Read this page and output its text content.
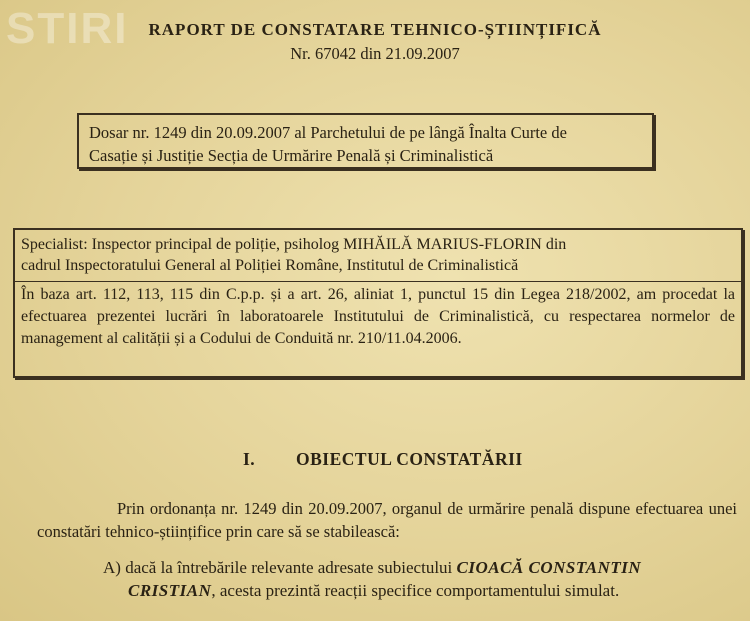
STIRI	RAPORT DE CONSTATARE TEHNICO-ȘTIINȚIFICĂ
Nr. 67042 din 21.09.2007
Dosar nr. 1249 din 20.09.2007 al Parchetului de pe lângă Înalta Curte de
Casație și Justiție Secția de Urmărire Penală și Criminalistică
Specialist: Inspector principal de poliție, psiholog MIHĂILĂ MARIUS-FLORIN din
cadrul Inspectoratului General al Poliției Române, Institutul de Criminalistică
În baza art. 112, 113, 115 din C.p.p. și a art. 26, aliniat 1, punctul 15 din Legea 218/2002, am procedat la efectuarea prezentei lucrări în laboratoarele Institutului de Criminalistică, cu respectarea normelor de management al calității și a Codului de Conduită nr. 210/11.04.2006.
I. OBIECTUL CONSTATĂRII
Prin ordonanța nr. 1249 din 20.09.2007, organul de urmărire penală dispune efectuarea unei constatări tehnico-științifice prin care să se stabilească:
A) dacă la întrebările relevante adresate subiectului CIOACĂ CONSTANTIN
CRISTIAN, acesta prezintă reacții specifice comportamentului simulat.
